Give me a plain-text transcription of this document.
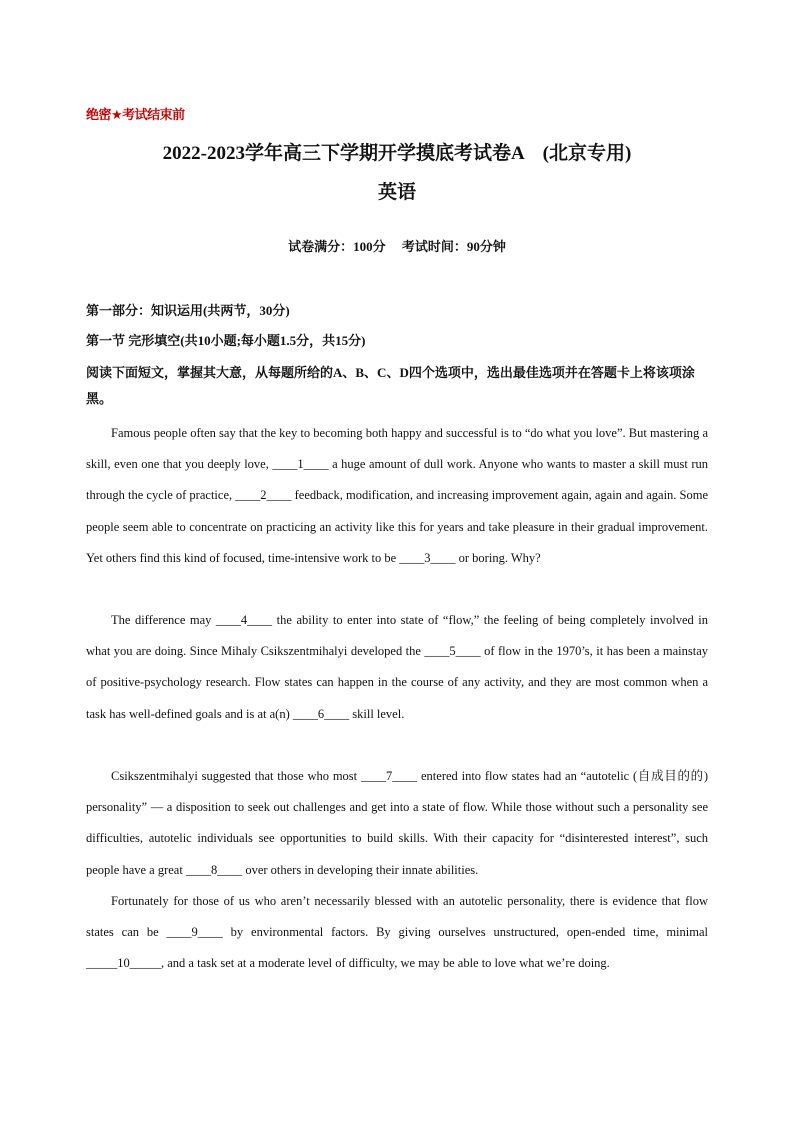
绝密★考试结束前
2022-2023学年高三下学期开学摸底考试卷A　(北京专用)
英语
试卷满分：100分　 考试时间：90分钟
第一部分：知识运用(共两节，30分)
第一节 完形填空(共10小题;每小题1.5分，共15分)
阅读下面短文，掌握其大意，从每题所给的A、B、C、D四个选项中，选出最佳选项并在答题卡上将该项涂黑。

Famous people often say that the key to becoming both happy and successful is to “do what you love”. But mastering a skill, even one that you deeply love, ____1____ a huge amount of dull work. Anyone who wants to master a skill must run through the cycle of practice, ____2____ feedback, modification, and increasing improvement again, again and again. Some people seem able to concentrate on practicing an activity like this for years and take pleasure in their gradual improvement. Yet others find this kind of focused, time-intensive work to be ____3____ or boring. Why?

The difference may ____4____ the ability to enter into state of “flow,” the feeling of being completely involved in what you are doing. Since Mihaly Csikszentmihalyi developed the ____5____ of flow in the 1970’s, it has been a mainstay of positive-psychology research. Flow states can happen in the course of any activity, and they are most common when a task has well-defined goals and is at a(n) ____6____ skill level.

Csikszentmihalyi suggested that those who most ____7____ entered into flow states had an “autotelic (自成目的的) personality” — a disposition to seek out challenges and get into a state of flow. While those without such a personality see difficulties, autotelic individuals see opportunities to build skills. With their capacity for “disinterested interest”, such people have a great ____8____ over others in developing their innate abilities.

Fortunately for those of us who aren’t necessarily blessed with an autotelic personality, there is evidence that flow states can be ____9____ by environmental factors. By giving ourselves unstructured, open-ended time, minimal _____10_____, and a task set at a moderate level of difficulty, we may be able to love what we’re doing.
